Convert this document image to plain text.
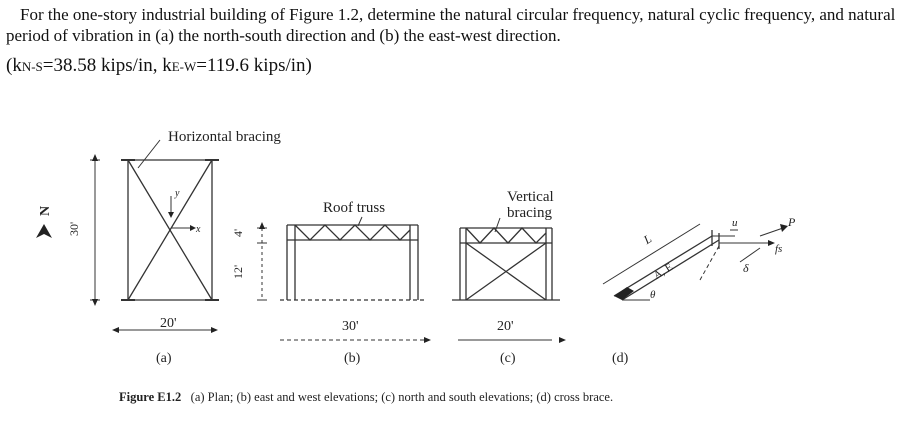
For the one-story industrial building of Figure 1.2, determine the natural circular frequency, natural cyclic frequency, and natural period of vibration in (a) the north-south direction and (b) the east-west direction.
(kN-S=38.58 kips/in, kE-W=119.6 kips/in)
Horizontal bracing
Roof truss
Vertical
bracing
N
30'
12'
4'
20'	30'	20'
y
x
L
A, E
u	P
fs
δ
θ
(a)	(b)	(c)	(d)
Figure E1.2 (a) Plan; (b) east and west elevations; (c) north and south elevations; (d) cross brace.
